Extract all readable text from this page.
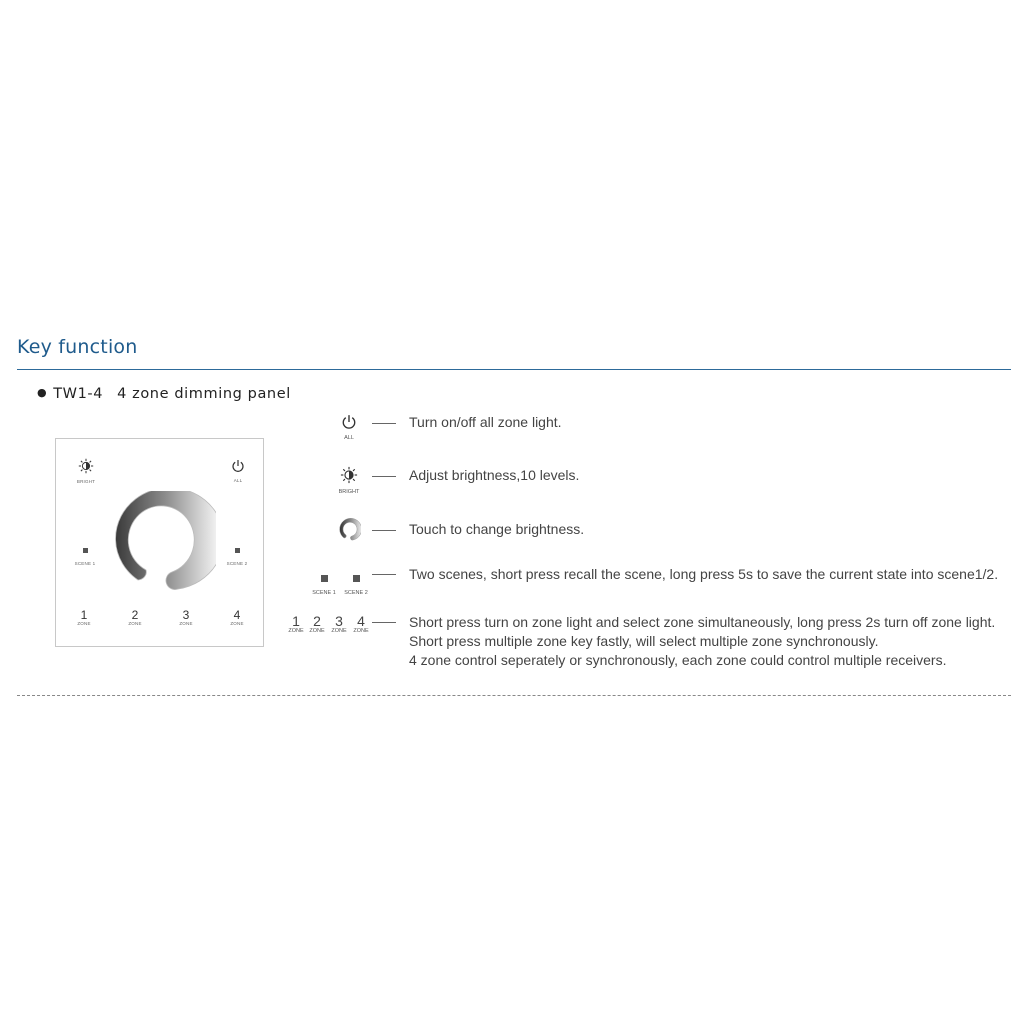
Key function
● TW1-4 4 zone dimming panel
BRIGHT	ALL
SCENE 1	SCENE 2
1
ZONE
2
ZONE
3
ZONE
4
ZONE
ALL
Turn on/off all zone light.
BRIGHT
Adjust brightness,10 levels.
Touch to change brightness.
SCENE 1	SCENE 2
Two scenes, short press recall the scene, long press 5s to save the current state into scene1/2.
1
ZONE
2
ZONE
3
ZONE
4
ZONE
Short press turn on zone light and select zone simultaneously, long press 2s turn off zone light.
Short press multiple zone key fastly, will select multiple zone synchronously.
4 zone control seperately or synchronously, each zone could control multiple receivers.
